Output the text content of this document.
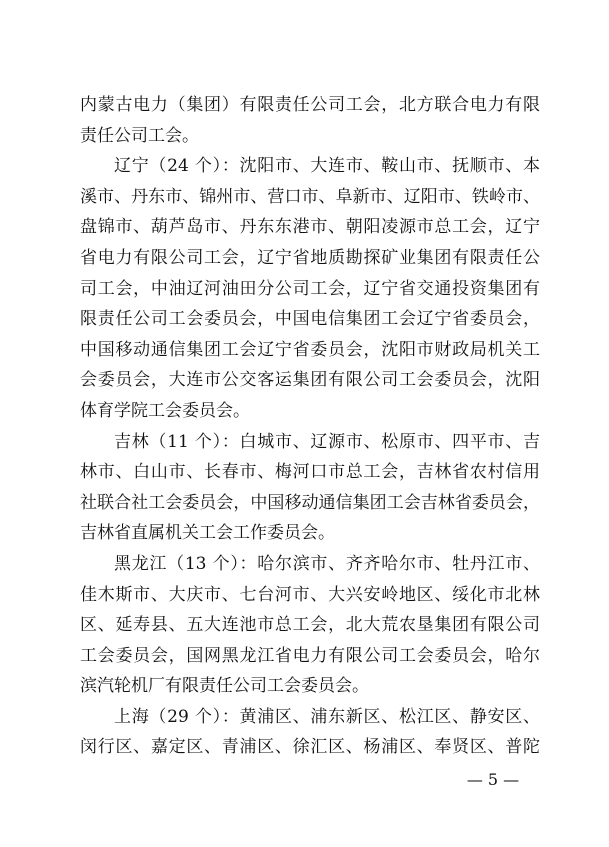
内蒙古电力（集团）有限责任公司工会，北方联合电力有限
责任公司工会。
辽宁（24 个）：沈阳市、大连市、鞍山市、抚顺市、本
溪市、丹东市、锦州市、营口市、阜新市、辽阳市、铁岭市、
盘锦市、葫芦岛市、丹东东港市、朝阳凌源市总工会，辽宁
省电力有限公司工会，辽宁省地质勘探矿业集团有限责任公
司工会，中油辽河油田分公司工会，辽宁省交通投资集团有
限责任公司工会委员会，中国电信集团工会辽宁省委员会，
中国移动通信集团工会辽宁省委员会，沈阳市财政局机关工
会委员会，大连市公交客运集团有限公司工会委员会，沈阳
体育学院工会委员会。
吉林（11 个）：白城市、辽源市、松原市、四平市、吉
林市、白山市、长春市、梅河口市总工会，吉林省农村信用
社联合社工会委员会，中国移动通信集团工会吉林省委员会，
吉林省直属机关工会工作委员会。
黑龙江（13 个）：哈尔滨市、齐齐哈尔市、牡丹江市、
佳木斯市、大庆市、七台河市、大兴安岭地区、绥化市北林
区、延寿县、五大连池市总工会，北大荒农垦集团有限公司
工会委员会，国网黑龙江省电力有限公司工会委员会，哈尔
滨汽轮机厂有限责任公司工会委员会。
上海（29 个）：黄浦区、浦东新区、松江区、静安区、
闵行区、嘉定区、青浦区、徐汇区、杨浦区、奉贤区、普陀
— 5 —
